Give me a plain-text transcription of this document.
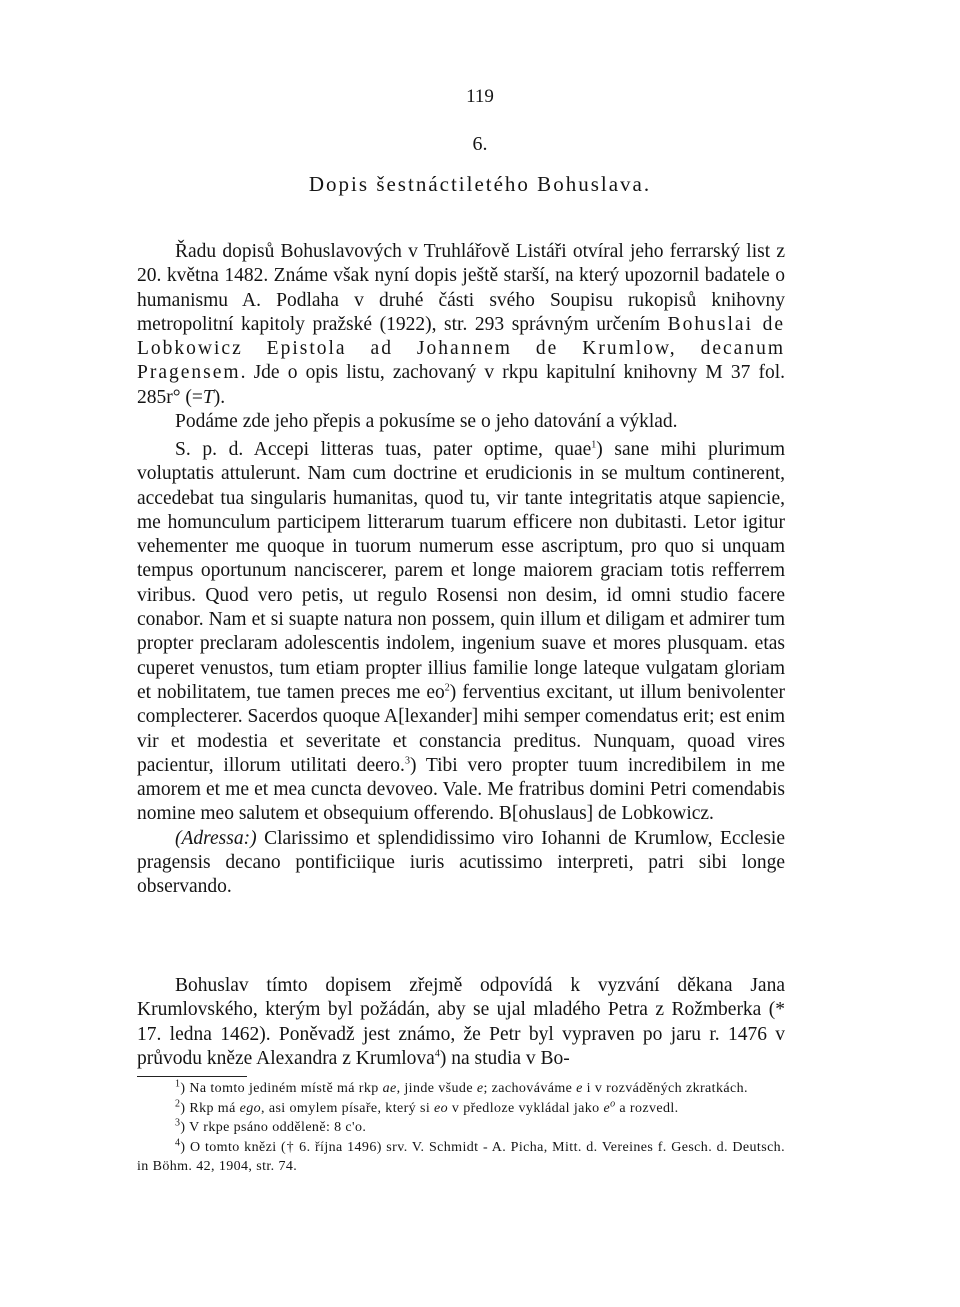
119
6.
Dopis šestnáctiletého Bohuslava.

Řadu dopisů Bohuslavových v Truhlářově Listáři otvíral jeho ferrarský list z 20. května 1482. Známe však nyní dopis ještě starší, na který upozornil badatele o humanismu A. Podlaha v druhé části svého Soupisu rukopisů knihovny metropolitní kapitoly pražské (1922), str. 293 správným určením Bohuslai de Lobkowicz Epistola ad Johannem de Krumlow, decanum Pragensem. Jde o opis listu, zachovaný v rkpu kapitulní knihovny M 37 fol. 285r° (=T).

Podáme zde jeho přepis a pokusíme se o jeho datování a výklad.

S. p. d. Accepi litteras tuas, pater optime, quae$^1$) sane mihi plurimum voluptatis attulerunt. Nam cum doctrine et erudicionis in se multum continerent, accedebat tua singularis humanitas, quod tu, vir tante integritatis atque sapiencie, me homunculum participem litterarum tuarum efficere non dubitasti. Letor igitur vehementer me quoque in tuorum numerum esse ascriptum, pro quo si unquam tempus oportunum nanciscerer, parem et longe maiorem graciam totis refferrem viribus. Quod vero petis, ut regulo Rosensi non desim, id omni studio facere conabor. Nam et si suapte natura non possem, quin illum et diligam et admirer tum propter preclaram adolescentis indolem, ingenium suave et mores plusquam. etas cuperet venustos, tum etiam propter illius familie longe lateque vulgatam gloriam et nobilitatem, tue tamen preces me $eo^2$) ferventius excitant, ut illum benivolenter complecterer. Sacerdos quoque A[lexander] mihi semper comendatus erit; est enim vir et modestia et severitate et constancia preditus. Nunquam, quoad vires pacientur, illorum utilitati deero.$^3$) Tibi vero propter tuum incredibilem in me amorem et me et mea cuncta devoveo. Vale. Me fratribus domini Petri comendabis nomine meo salutem et obsequium offerendo. B[ohuslaus] de Lobkowicz.

(Adressa:) Clarissimo et splendidissimo viro Iohanni de Krumlow, Ecclesie pragensis decano pontificiique iuris acutissimo interpreti, patri sibi longe observando.

Bohuslav tímto dopisem zřejmě odpovídá k vyzvání děkana Jana Krumlovského, kterým byl požádán, aby se ujal mladého Petra z Rožmberka (* 17. ledna 1462). Poněvadž jest známo, že Petr byl vypraven po jaru r. 1476 v průvodu kněze Alexandra z Krumlova$^4$) na studia v Bo-

$^1$) Na tomto jediném místě má rkp ae, jinde všude e; zachováváme e i v rozváděných zkratkách.

$^2$) Rkp má ego, asi omylem písaře, který si eo v předloze vykládal jako $e^o$ a rozvedl.

$^3$) V rkpe psáno odděleně: 8 c'o.

$^4$) O tomto knězi († 6. října 1496) srv. V. Schmidt - A. Picha, Mitt. d. Vereines f. Gesch. d. Deutsch. in Böhm. 42, 1904, str. 74.
